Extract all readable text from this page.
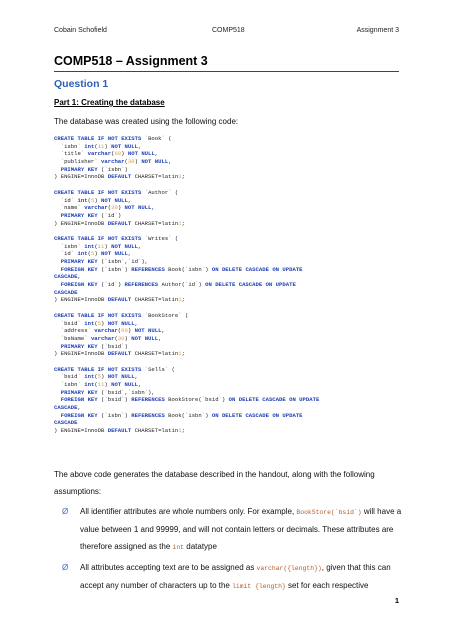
Cobain Schofield	COMP518	Assignment 3
COMP518 – Assignment 3
Question 1
Part 1: Creating the database
The database was created using the following code:
CREATE TABLE IF NOT EXISTS `Book` (
`isbn` int(11) NOT NULL,
`title` varchar(60) NOT NULL,
`publisher` varchar(30) NOT NULL,
PRIMARY KEY (`isbn`)
) ENGINE=InnoDB DEFAULT CHARSET=latin1;
CREATE TABLE IF NOT EXISTS `Author` (
`id` int(5) NOT NULL,
`name` varchar(30) NOT NULL,
PRIMARY KEY (`id`)
) ENGINE=InnoDB DEFAULT CHARSET=latin1;
CREATE TABLE IF NOT EXISTS `Writes` (
`isbn` int(11) NOT NULL,
`id` int(5) NOT NULL,
PRIMARY KEY (`isbn`,`id`),
FOREIGN KEY (`isbn`) REFERENCES Book(`isbn`) ON DELETE CASCADE ON UPDATE
CASCADE,
FOREIGN KEY (`id`) REFERENCES Author(`id`) ON DELETE CASCADE ON UPDATE
CASCADE
) ENGINE=InnoDB DEFAULT CHARSET=latin1;
CREATE TABLE IF NOT EXISTS `BookStore` (
`bsid` int(5) NOT NULL,
`address` varchar(60) NOT NULL,
`bsName` varchar(30) NOT NULL,
PRIMARY KEY (`bsid`)
) ENGINE=InnoDB DEFAULT CHARSET=latin1;
CREATE TABLE IF NOT EXISTS `Sells` (
`bsid` int(5) NOT NULL,
`isbn` int(11) NOT NULL,
PRIMARY KEY (`bsid`,`isbn`),
FOREIGN KEY (`bsid`) REFERENCES BookStore(`bsid`) ON DELETE CASCADE ON UPDATE
CASCADE,
FOREIGN KEY (`isbn`) REFERENCES Book(`isbn`) ON DELETE CASCADE ON UPDATE
CASCADE
) ENGINE=InnoDB DEFAULT CHARSET=latin1;
The above code generates the database described in the handout, along with the following assumptions:
Ø	All identifier attributes are whole numbers only. For example, BookStore(`bsid`) will have a value between 1 and 99999, and will not contain letters or decimals. These attributes are therefore assigned as the int datatype
Ø	All attributes accepting text are to be assigned as varchar({length}), given that this can accept any number of characters up to the limit {length} set for each respective
1
